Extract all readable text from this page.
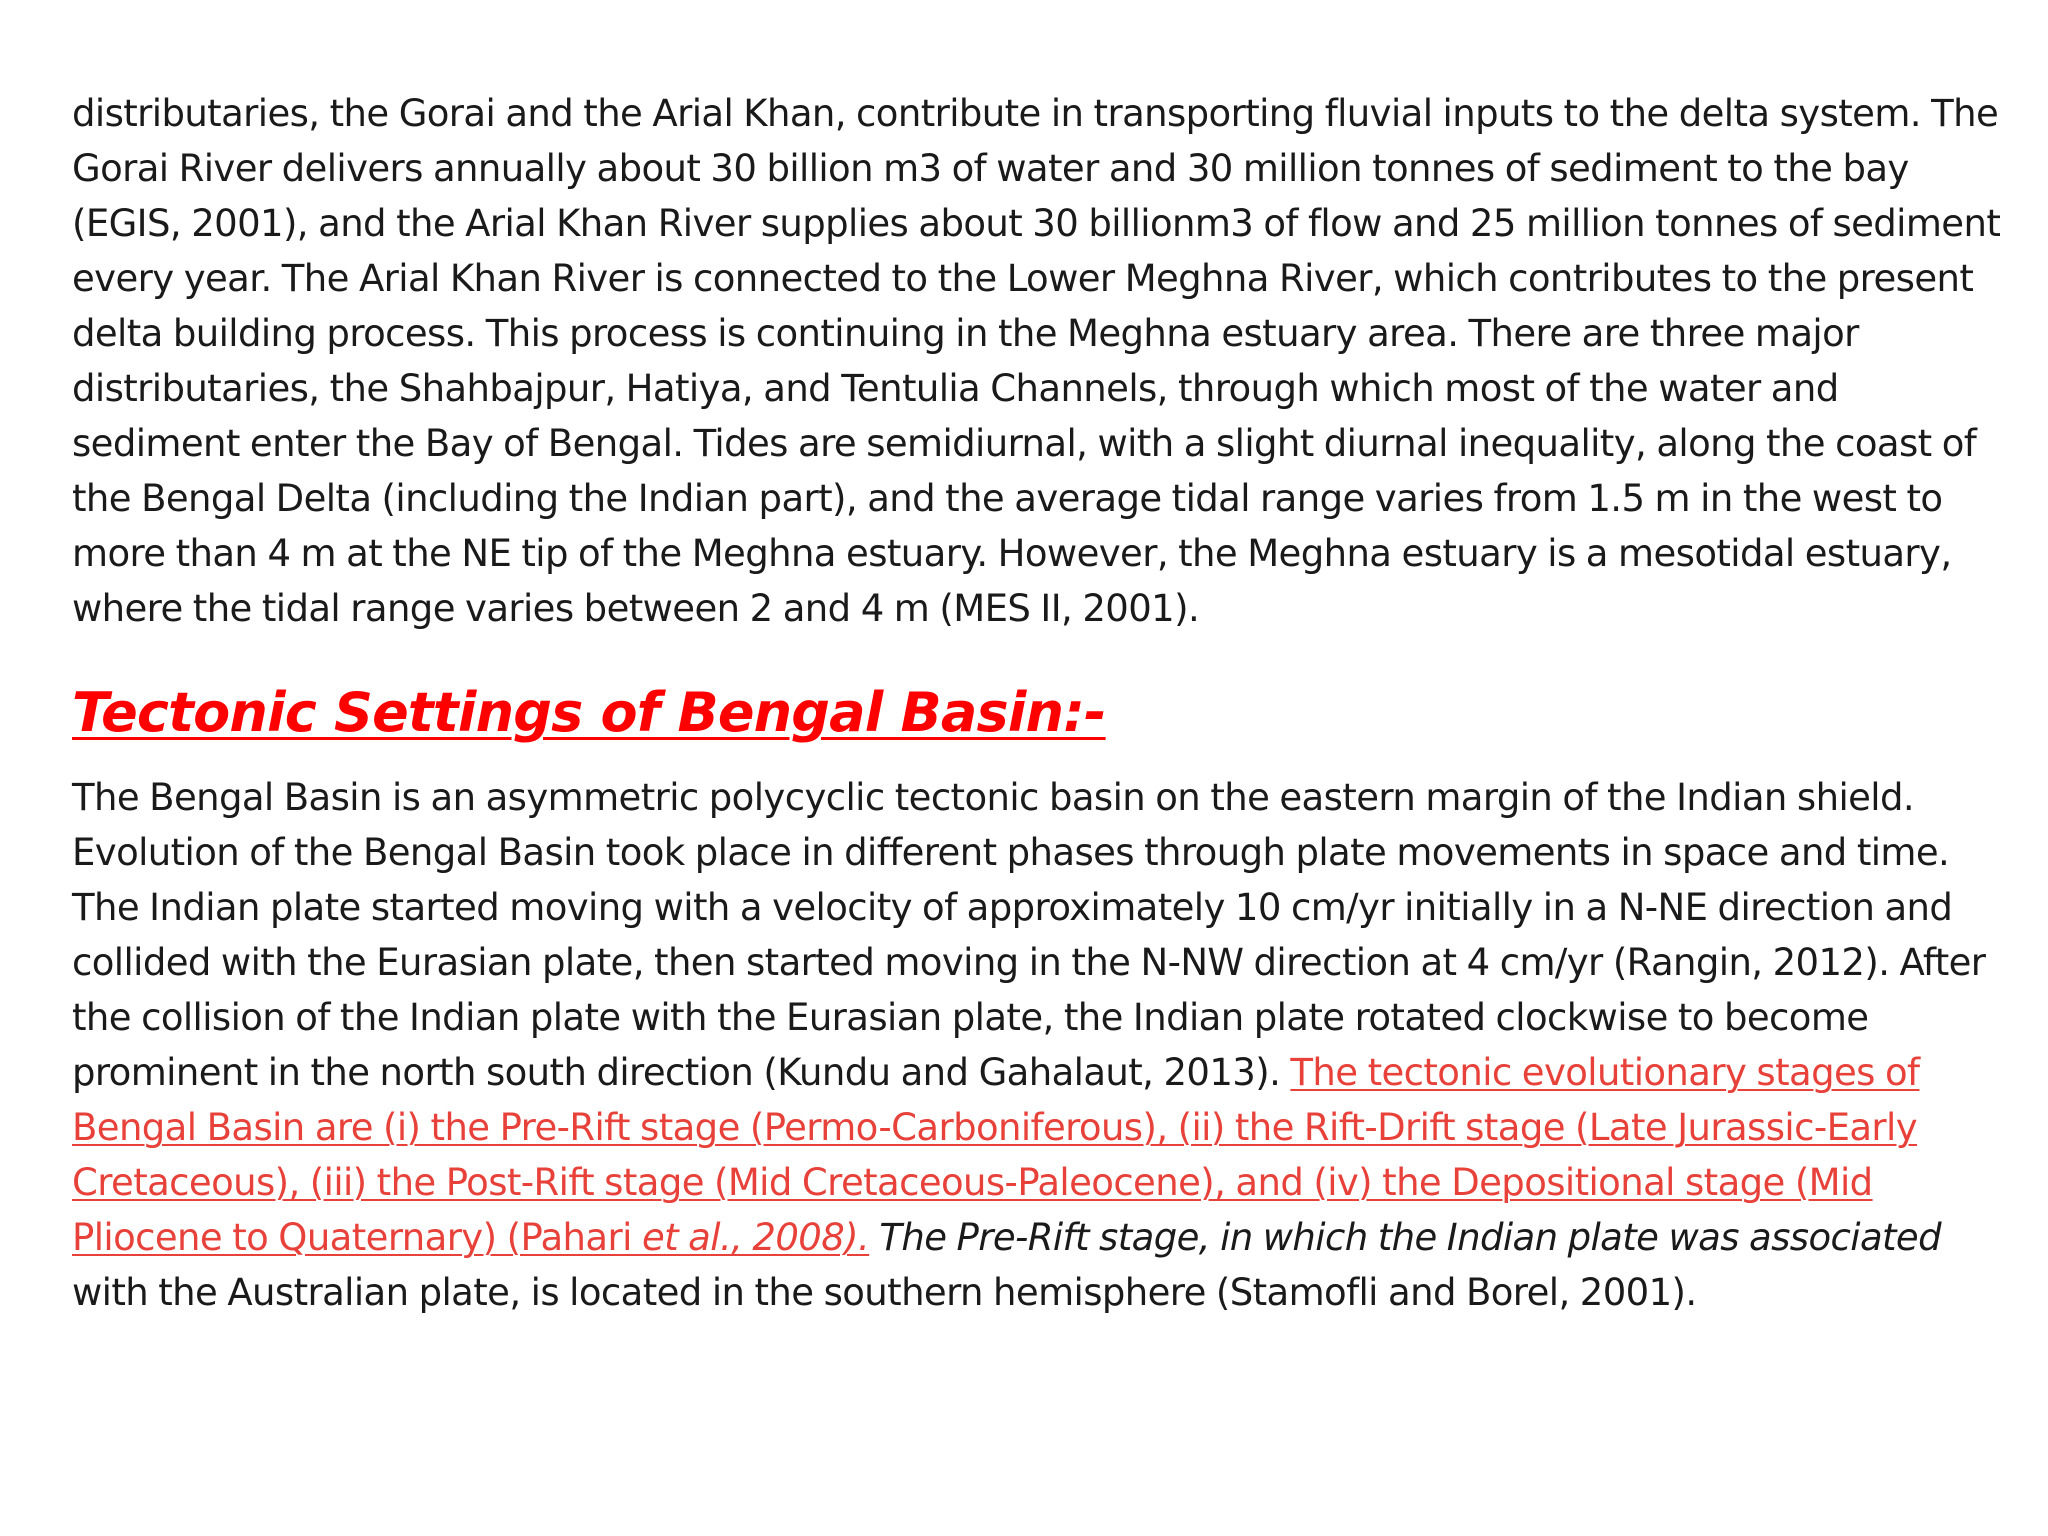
distributaries, the Gorai and the Arial Khan, contribute in transporting fluvial inputs to the delta system. The Gorai River delivers annually about 30 billion m3 of water and 30 million tonnes of sediment to the bay (EGIS, 2001), and the Arial Khan River supplies about 30 billionm3 of flow and 25 million tonnes of sediment every year. The Arial Khan River is connected to the Lower Meghna River, which contributes to the present delta building process. This process is continuing in the Meghna estuary area. There are three major distributaries, the Shahbajpur, Hatiya, and Tentulia Channels, through which most of the water and sediment enter the Bay of Bengal. Tides are semidiurnal, with a slight diurnal inequality, along the coast of the Bengal Delta (including the Indian part), and the average tidal range varies from 1.5 m in the west to more than 4 m at the NE tip of the Meghna estuary. However, the Meghna estuary is a mesotidal estuary, where the tidal range varies between 2 and 4 m (MES II, 2001).

Tectonic Settings of Bengal Basin:-

The Bengal Basin is an asymmetric polycyclic tectonic basin on the eastern margin of the Indian shield. Evolution of the Bengal Basin took place in different phases through plate movements in space and time. The Indian plate started moving with a velocity of approximately 10 cm/yr initially in a N-NE direction and collided with the Eurasian plate, then started moving in the N-NW direction at 4 cm/yr (Rangin, 2012). After the collision of the Indian plate with the Eurasian plate, the Indian plate rotated clockwise to become prominent in the north south direction (Kundu and Gahalaut, 2013). The tectonic evolutionary stages of Bengal Basin are (i) the Pre-Rift stage (Permo-Carboniferous), (ii) the Rift-Drift stage (Late Jurassic-Early Cretaceous), (iii) the Post-Rift stage (Mid Cretaceous-Paleocene), and (iv) the Depositional stage (Mid Pliocene to Quaternary) (Pahari et al., 2008). The Pre-Rift stage, in which the Indian plate was associated with the Australian plate, is located in the southern hemisphere (Stamofli and Borel, 2001).
